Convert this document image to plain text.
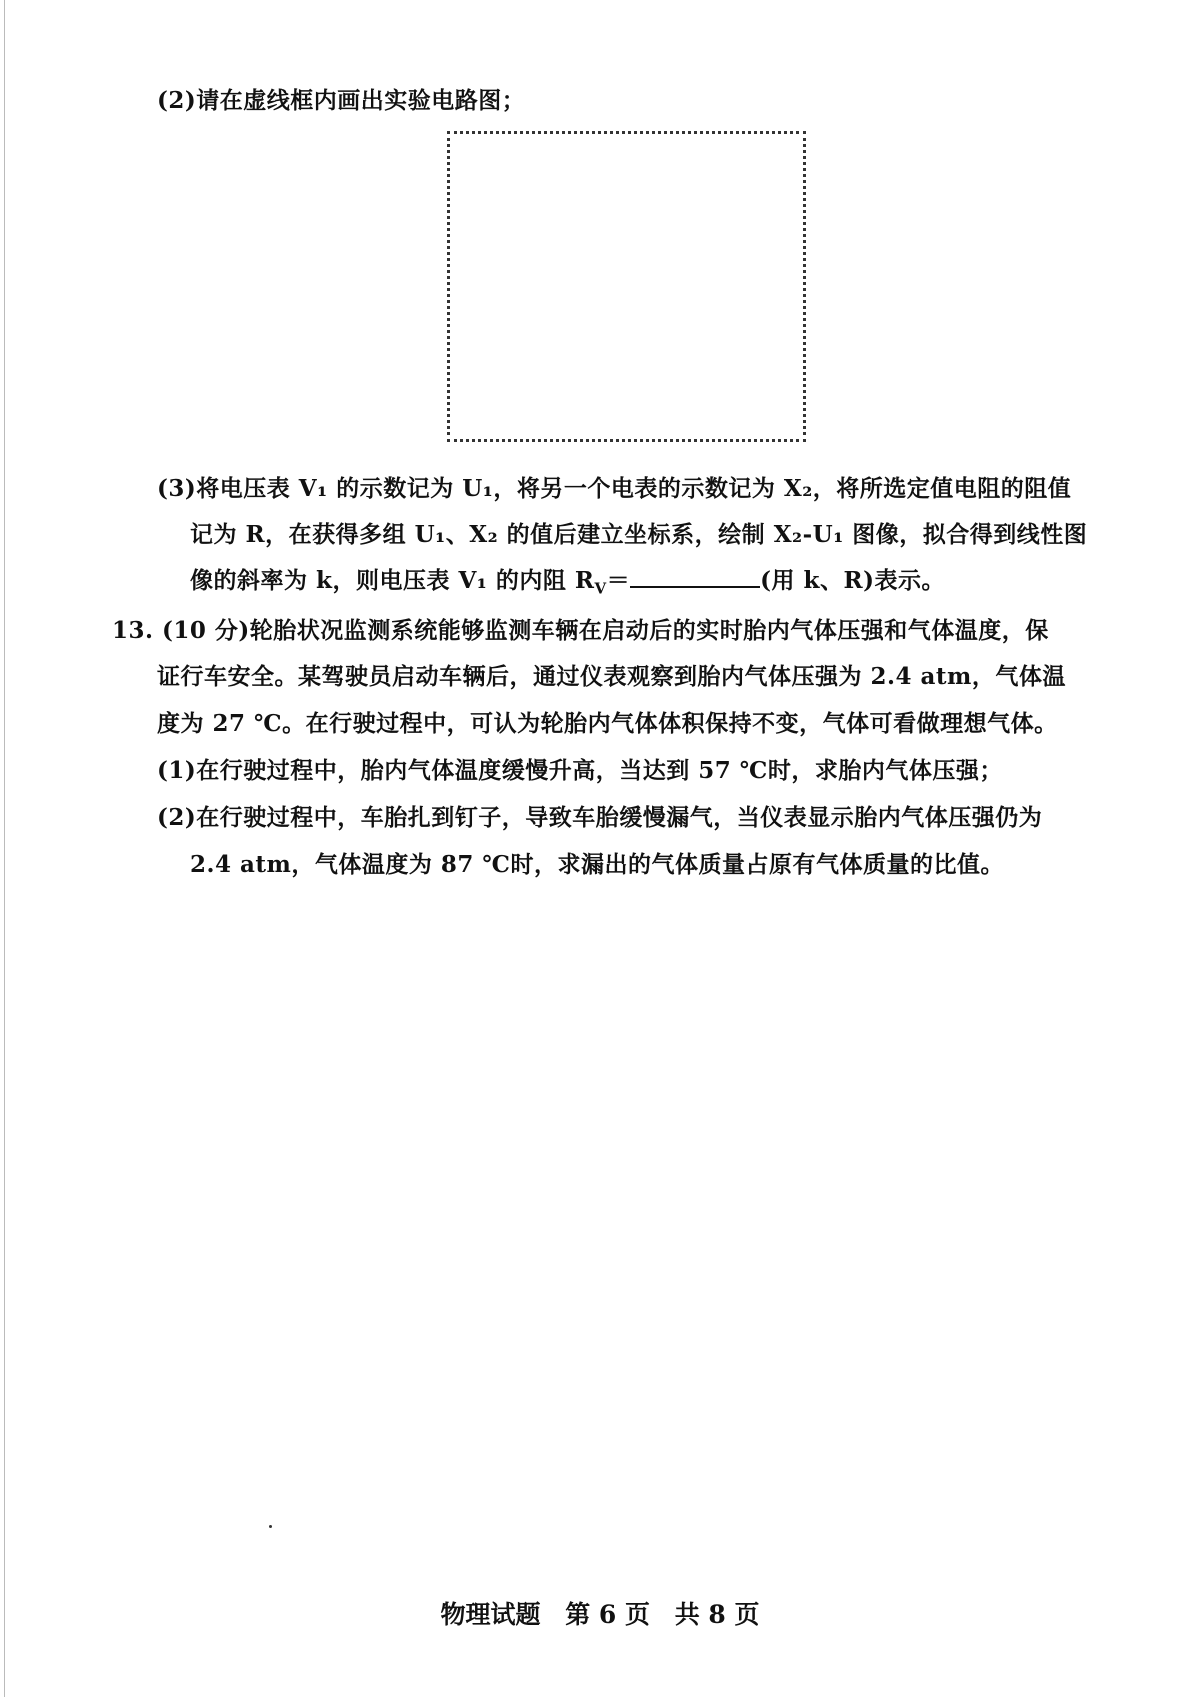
(2)请在虚线框内画出实验电路图；
(3)将电压表 V₁ 的示数记为 U₁，将另一个电表的示数记为 X₂，将所选定值电阻的阻值
记为 R，在获得多组 U₁、X₂ 的值后建立坐标系，绘制 X₂-U₁ 图像，拟合得到线性图
像的斜率为 k，则电压表 V₁ 的内阻 $R_V=$	(用 k、R)表示。
13. (10 分)轮胎状况监测系统能够监测车辆在启动后的实时胎内气体压强和气体温度，保
证行车安全。某驾驶员启动车辆后，通过仪表观察到胎内气体压强为 2.4 atm，气体温
度为 27 ℃。在行驶过程中，可认为轮胎内气体体积保持不变，气体可看做理想气体。
(1)在行驶过程中，胎内气体温度缓慢升高，当达到 57 ℃时，求胎内气体压强；
(2)在行驶过程中，车胎扎到钉子，导致车胎缓慢漏气，当仪表显示胎内气体压强仍为
2.4 atm，气体温度为 87 ℃时，求漏出的气体质量占原有气体质量的比值。
物理试题 第 6 页 共 8 页
